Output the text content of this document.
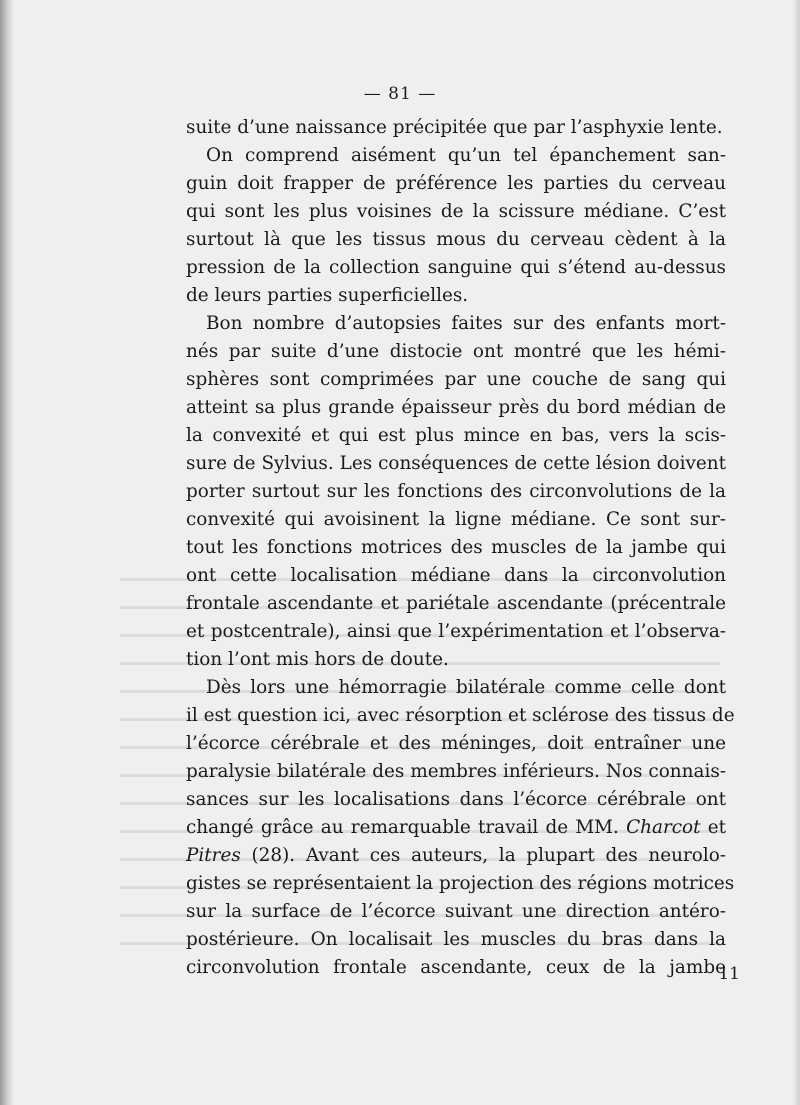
— 81 —
suite d’une naissance précipitée que par l’asphyxie lente.
On comprend aisément qu’un tel épanchement san-
guin doit frapper de préférence les parties du cerveau
qui sont les plus voisines de la scissure médiane. C’est
surtout là que les tissus mous du cerveau cèdent à la
pression de la collection sanguine qui s’étend au-dessus
de leurs parties superficielles.
Bon nombre d’autopsies faites sur des enfants mort-
nés par suite d’une distocie ont montré que les hémi-
sphères sont comprimées par une couche de sang qui
atteint sa plus grande épaisseur près du bord médian de
la convexité et qui est plus mince en bas, vers la scis-
sure de Sylvius. Les conséquences de cette lésion doivent
porter surtout sur les fonctions des circonvolutions de la
convexité qui avoisinent la ligne médiane. Ce sont sur-
tout les fonctions motrices des muscles de la jambe qui
ont cette localisation médiane dans la circonvolution
frontale ascendante et pariétale ascendante (précentrale
et postcentrale), ainsi que l’expérimentation et l’observa-
tion l’ont mis hors de doute.
Dès lors une hémorragie bilatérale comme celle dont
il est question ici, avec résorption et sclérose des tissus de
l’écorce cérébrale et des méninges, doit entraîner une
paralysie bilatérale des membres inférieurs. Nos connais-
sances sur les localisations dans l’écorce cérébrale ont
changé grâce au remarquable travail de MM. Charcot et
Pitres (28). Avant ces auteurs, la plupart des neurolo-
gistes se représentaient la projection des régions motrices
sur la surface de l’écorce suivant une direction antéro-
postérieure. On localisait les muscles du bras dans la
circonvolution frontale ascendante, ceux de la jambe
11
